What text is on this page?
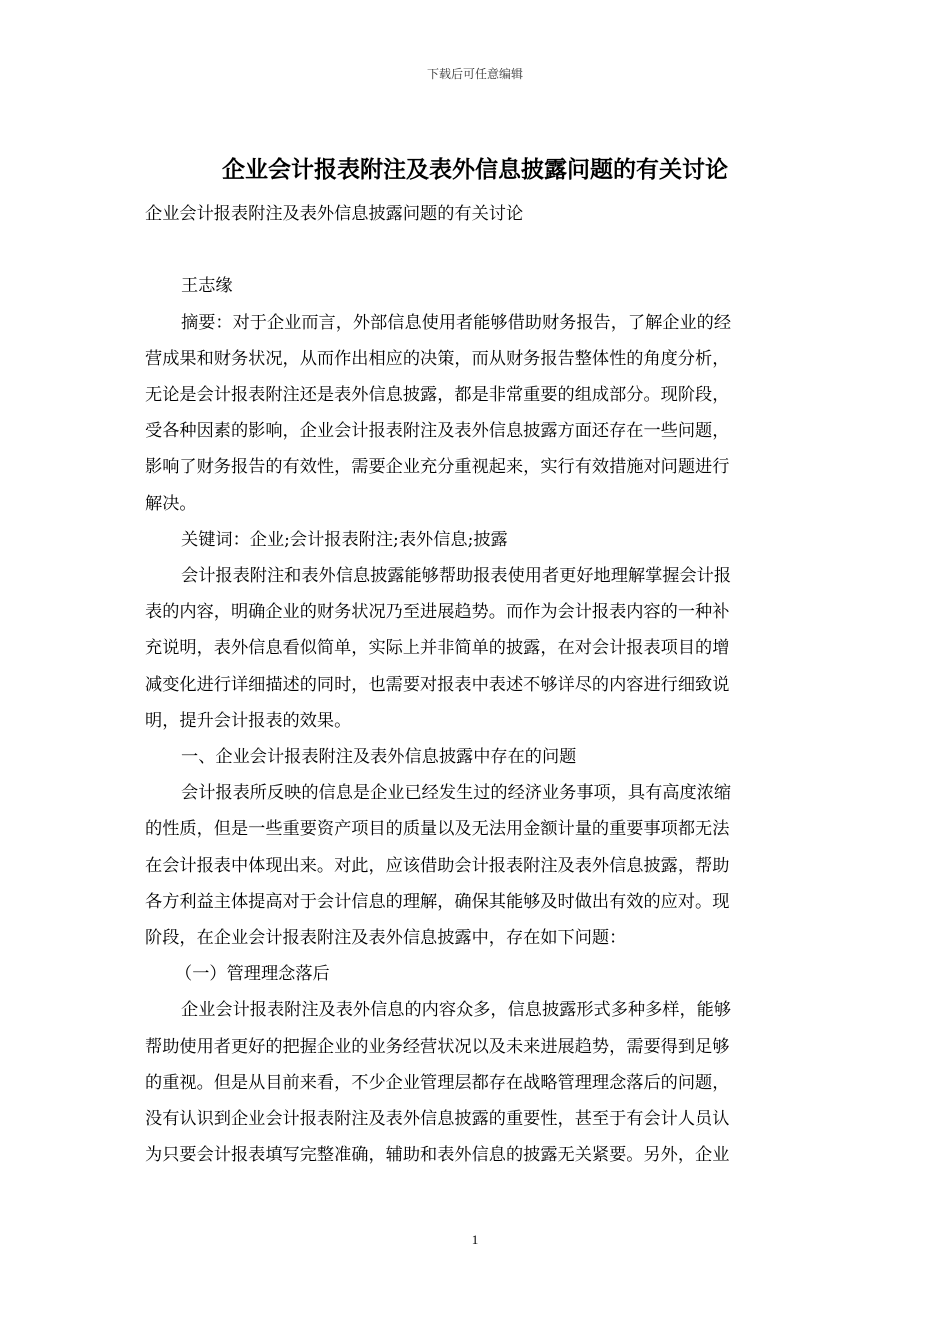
下载后可任意编辑
企业会计报表附注及表外信息披露问题的有关讨论

企业会计报表附注及表外信息披露问题的有关讨论

王志缘

摘要：对于企业而言，外部信息使用者能够借助财务报告，了解企业的经

营成果和财务状况，从而作出相应的决策，而从财务报告整体性的角度分析，

无论是会计报表附注还是表外信息披露，都是非常重要的组成部分。现阶段，

受各种因素的影响，企业会计报表附注及表外信息披露方面还存在一些问题，

影响了财务报告的有效性，需要企业充分重视起来，实行有效措施对问题进行

解决。

关键词：企业;会计报表附注;表外信息;披露

会计报表附注和表外信息披露能够帮助报表使用者更好地理解掌握会计报

表的内容，明确企业的财务状况乃至进展趋势。而作为会计报表内容的一种补

充说明，表外信息看似简单，实际上并非简单的披露，在对会计报表项目的增

减变化进行详细描述的同时，也需要对报表中表述不够详尽的内容进行细致说

明，提升会计报表的效果。

一、企业会计报表附注及表外信息披露中存在的问题

会计报表所反映的信息是企业已经发生过的经济业务事项，具有高度浓缩

的性质，但是一些重要资产项目的质量以及无法用金额计量的重要事项都无法

在会计报表中体现出来。对此，应该借助会计报表附注及表外信息披露，帮助

各方利益主体提高对于会计信息的理解，确保其能够及时做出有效的应对。现

阶段，在企业会计报表附注及表外信息披露中，存在如下问题：

（一）管理理念落后

企业会计报表附注及表外信息的内容众多，信息披露形式多种多样，能够

帮助使用者更好的把握企业的业务经营状况以及未来进展趋势，需要得到足够

的重视。但是从目前来看，不少企业管理层都存在战略管理理念落后的问题，

没有认识到企业会计报表附注及表外信息披露的重要性，甚至于有会计人员认

为只要会计报表填写完整准确，辅助和表外信息的披露无关紧要。另外，企业

1
